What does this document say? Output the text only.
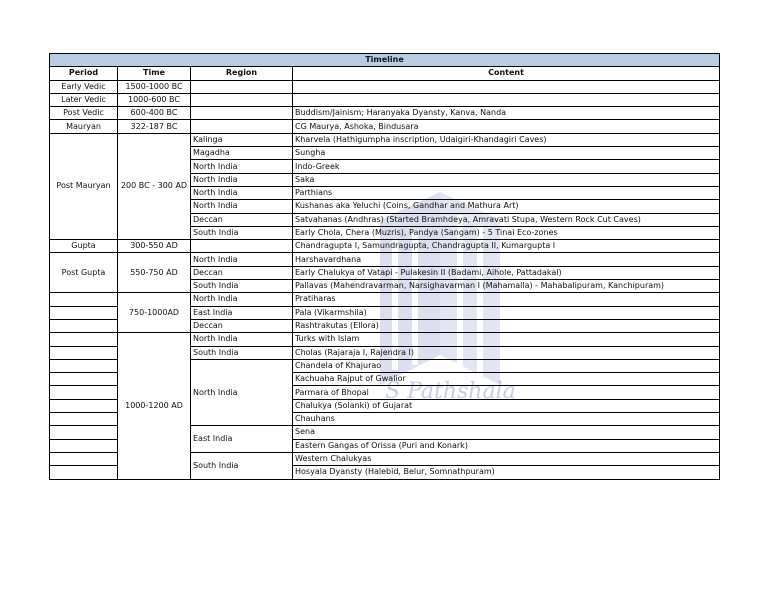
S Pathshala
Timeline			
Period	Time	Region	Content
Early Vedic	1500-1000 BC		
Later Vedic	1000-600 BC		
Post Vedic	600-400 BC		Buddism/Jainism; Haranyaka Dyansty, Kanva, Nanda
Mauryan	322-187 BC		CG Maurya, Ashoka, Bindusara
Post Mauryan	200 BC - 300 AD	Kalinga	Kharvela (Hathigumpha inscription, Udaigiri-Khandagiri Caves)
		Magadha	Sungha
		North India	Indo-Greek
		North India	Saka
		North India	Parthians
		North India	Kushanas aka Yeluchi (Coins, Gandhar and Mathura Art)
		Deccan	Satvahanas (Andhras) (Started Bramhdeya, Amravati Stupa, Western Rock Cut Caves)
		South India	Early Chola, Chera (Muzris), Pandya (Sangam) - 5 Tinai Eco-zones
Gupta	300-550 AD		Chandragupta I, Samundragupta, Chandragupta II, Kumargupta I
Post Gupta	550-750 AD	North India	Harshavardhana
		Deccan	Early Chalukya of Vatapi - Pulakesin II (Badami, Aihole, Pattadakal)
		South India	Pallavas (Mahendravarman, Narsighavarman I (Mahamalla) - Mahabalipuram, Kanchipuram)
	750-1000AD	North India	Pratiharas
		East India	Pala (Vikarmshila)
		Deccan	Rashtrakutas (Ellora)
	1000-1200 AD	North India	Turks with Islam
		South India	Cholas (Rajaraja I, Rajendra I)
		North India	Chandela of Khajurao
			Kachuaha Rajput of Gwalior
			Parmara of Bhopal
			Chalukya (Solanki) of Gujarat
			Chauhans
		East India	Sena
			Eastern Gangas of Orissa (Puri and Konark)
		South India	Western Chalukyas
			Hosyala Dyansty (Halebid, Belur, Somnathpuram)
